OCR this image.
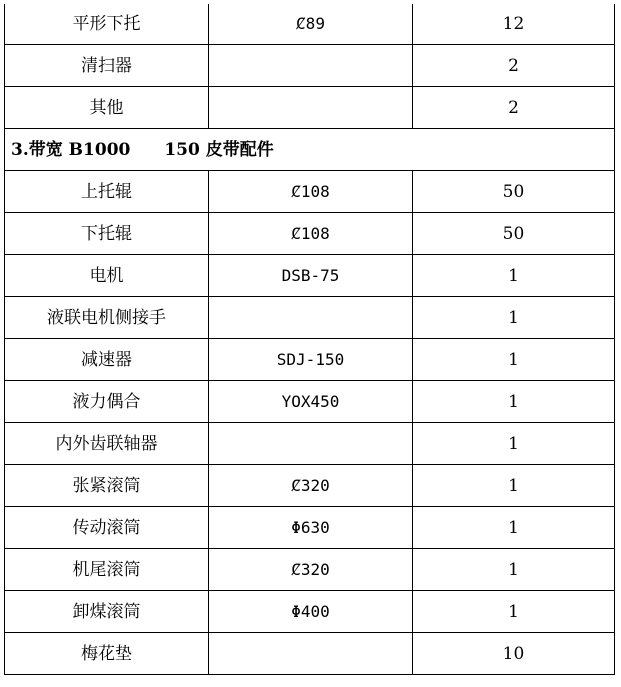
平形下托	Ȼ89	12
清扫器		2
其他		2
3.带宽 B1000　　150 皮带配件		
上托辊	Ȼ108	50
下托辊	Ȼ108	50
电机	DSB-75	1
液联电机侧接手		1
减速器	SDJ-150	1
液力偶合	YOX450	1
内外齿联轴器		1
张紧滚筒	Ȼ320	1
传动滚筒	Φ630	1
机尾滚筒	Ȼ320	1
卸煤滚筒	Φ400	1
梅花垫		10
